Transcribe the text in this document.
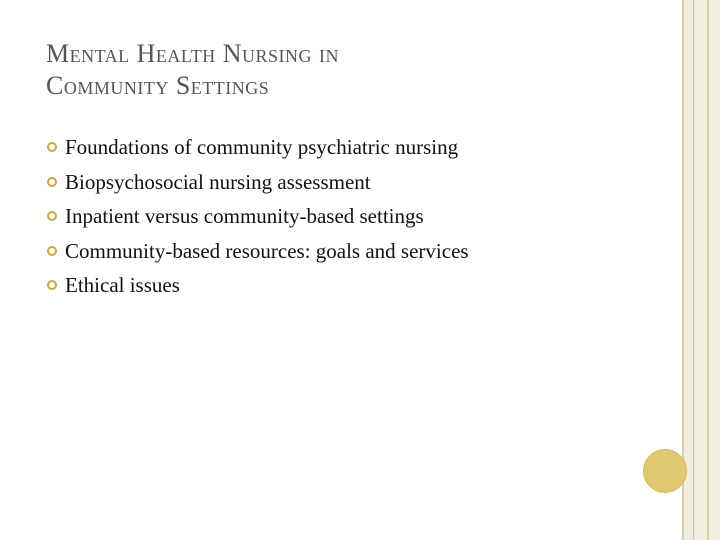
Mental Health Nursing in
Community Settings
Foundations of community psychiatric nursing
Biopsychosocial nursing assessment
Inpatient versus community-based settings
Community-based resources: goals and services
Ethical issues
